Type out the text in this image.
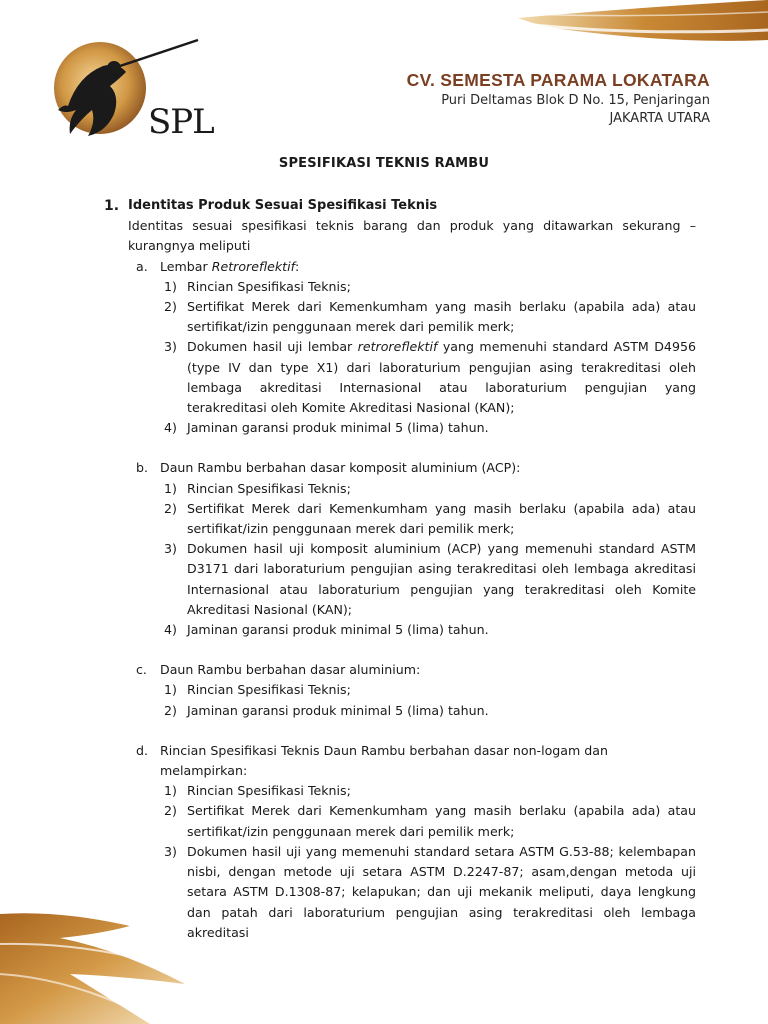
SPL
CV. SEMESTA PARAMA LOKATARA
Puri Deltamas Blok D No. 15, Penjaringan
JAKARTA UTARA
SPESIFIKASI TEKNIS RAMBU
1. Identitas Produk Sesuai Spesifikasi Teknis
Identitas sesuai spesifikasi teknis barang dan produk yang ditawarkan sekurang – kurangnya meliputi
a. Lembar Retroreflektif:
1) Rincian Spesifikasi Teknis;
2) Sertifikat Merek dari Kemenkumham yang masih berlaku (apabila ada) atau sertifikat/izin penggunaan merek dari pemilik merk;
3) Dokumen hasil uji lembar retroreflektif yang memenuhi standard ASTM D4956 (type IV dan type X1) dari laboraturium pengujian asing terakreditasi oleh lembaga akreditasi Internasional atau laboraturium pengujian yang terakreditasi oleh Komite Akreditasi Nasional (KAN);
4) Jaminan garansi produk minimal 5 (lima) tahun.
b. Daun Rambu berbahan dasar komposit aluminium (ACP):
1) Rincian Spesifikasi Teknis;
2) Sertifikat Merek dari Kemenkumham yang masih berlaku (apabila ada) atau sertifikat/izin penggunaan merek dari pemilik merk;
3) Dokumen hasil uji komposit aluminium (ACP) yang memenuhi standard ASTM D3171 dari laboraturium pengujian asing terakreditasi oleh lembaga akreditasi Internasional atau laboraturium pengujian yang terakreditasi oleh Komite Akreditasi Nasional (KAN);
4) Jaminan garansi produk minimal 5 (lima) tahun.
c. Daun Rambu berbahan dasar aluminium:
1) Rincian Spesifikasi Teknis;
2) Jaminan garansi produk minimal 5 (lima) tahun.
d. Rincian Spesifikasi Teknis Daun Rambu berbahan dasar non-logam dan melampirkan:
1) Rincian Spesifikasi Teknis;
2) Sertifikat Merek dari Kemenkumham yang masih berlaku (apabila ada) atau sertifikat/izin penggunaan merek dari pemilik merk;
3) Dokumen hasil uji yang memenuhi standard setara ASTM G.53-88; kelembapan nisbi, dengan metode uji setara ASTM D.2247-87; asam,dengan metoda uji setara ASTM D.1308-87; kelapukan; dan uji mekanik meliputi, daya lengkung dan patah dari laboraturium pengujian asing terakreditasi oleh lembaga akreditasi
